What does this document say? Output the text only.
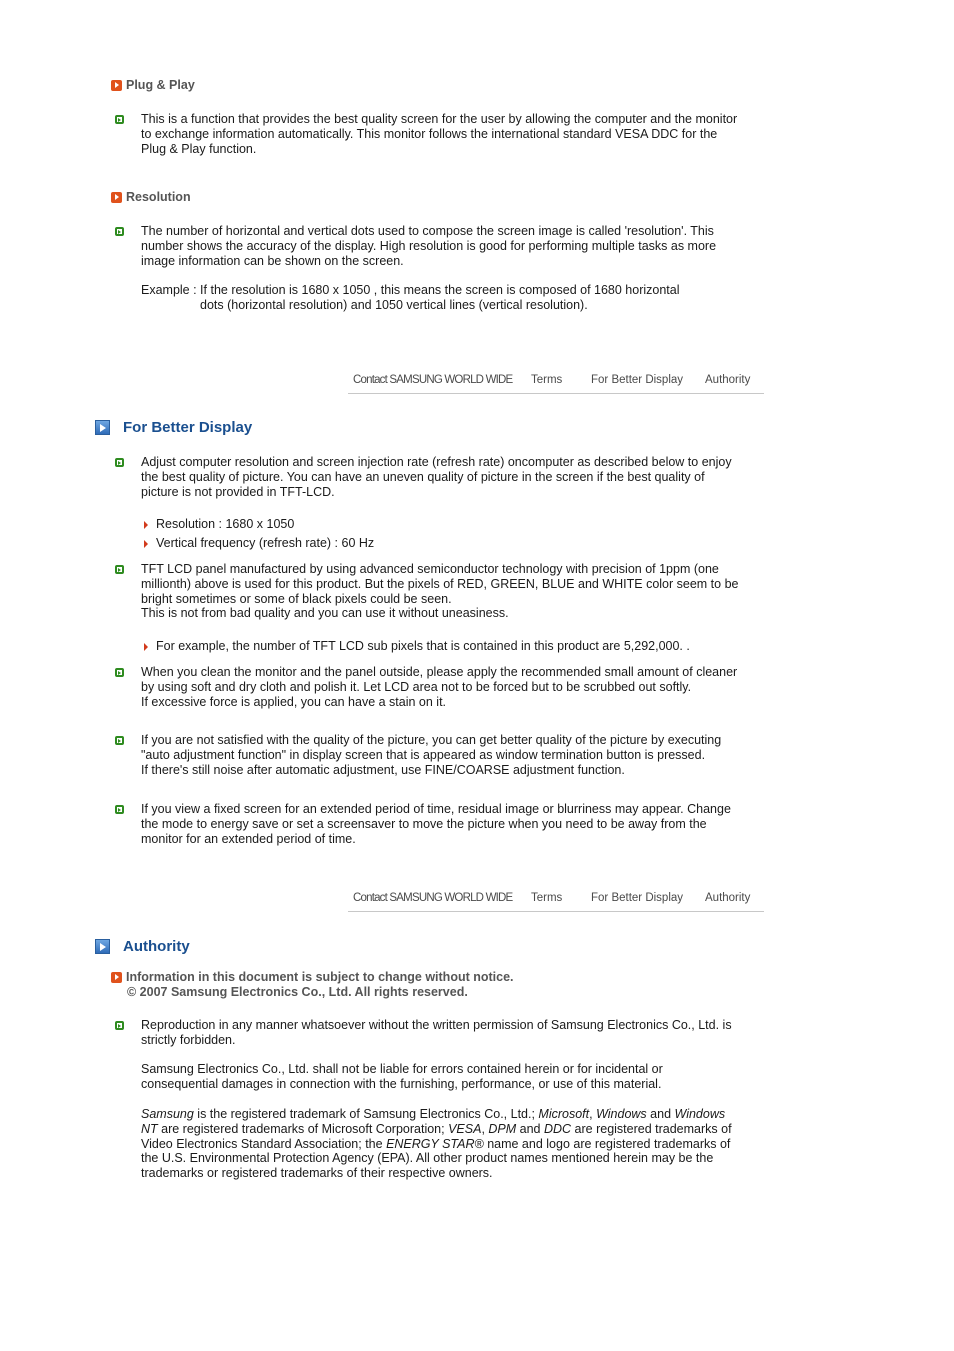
Plug & Play

This is a function that provides the best quality screen for the user by allowing the computer and the monitor to exchange information automatically. This monitor follows the international standard VESA DDC for the Plug & Play function.

Resolution

The number of horizontal and vertical dots used to compose the screen image is called 'resolution'. This number shows the accuracy of the display. High resolution is good for performing multiple tasks as more image information can be shown on the screen.

Example : If the resolution is 1680 x 1050 , this means the screen is composed of 1680 horizontal

dots (horizontal resolution) and 1050 vertical lines (vertical resolution).

Contact SAMSUNG WORLD WIDE Terms For Better Display Authority
For Better Display

Adjust computer resolution and screen injection rate (refresh rate) oncomputer as described below to enjoy the best quality of picture. You can have an uneven quality of picture in the screen if the best quality of picture is not provided in TFT-LCD.

Resolution : 1680 x 1050
Vertical frequency (refresh rate) : 60 Hz

TFT LCD panel manufactured by using advanced semiconductor technology with precision of 1ppm (one millionth) above is used for this product. But the pixels of RED, GREEN, BLUE and WHITE color seem to be bright sometimes or some of black pixels could be seen.

This is not from bad quality and you can use it without uneasiness.

For example, the number of TFT LCD sub pixels that is contained in this product are 5,292,000. .

When you clean the monitor and the panel outside, please apply the recommended small amount of cleaner by using soft and dry cloth and polish it. Let LCD area not to be forced but to be scrubbed out softly.

If excessive force is applied, you can have a stain on it.

If you are not satisfied with the quality of the picture, you can get better quality of the picture by executing "auto adjustment function" in display screen that is appeared as window termination button is pressed.

If there's still noise after automatic adjustment, use FINE/COARSE adjustment function.

If you view a fixed screen for an extended period of time, residual image or blurriness may appear. Change the mode to energy save or set a screensaver to move the picture when you need to be away from the monitor for an extended period of time.

Contact SAMSUNG WORLD WIDE Terms For Better Display Authority
Authority
Information in this document is subject to change without notice.
© 2007 Samsung Electronics Co., Ltd. All rights reserved.

Reproduction in any manner whatsoever without the written permission of Samsung Electronics Co., Ltd. is strictly forbidden.

Samsung Electronics Co., Ltd. shall not be liable for errors contained herein or for incidental or consequential damages in connection with the furnishing, performance, or use of this material.

Samsung is the registered trademark of Samsung Electronics Co., Ltd.; Microsoft, Windows and Windows NT are registered trademarks of Microsoft Corporation; VESA, DPM and DDC are registered trademarks of Video Electronics Standard Association; the ENERGY STAR® name and logo are registered trademarks of the U.S. Environmental Protection Agency (EPA). All other product names mentioned herein may be the trademarks or registered trademarks of their respective owners.
